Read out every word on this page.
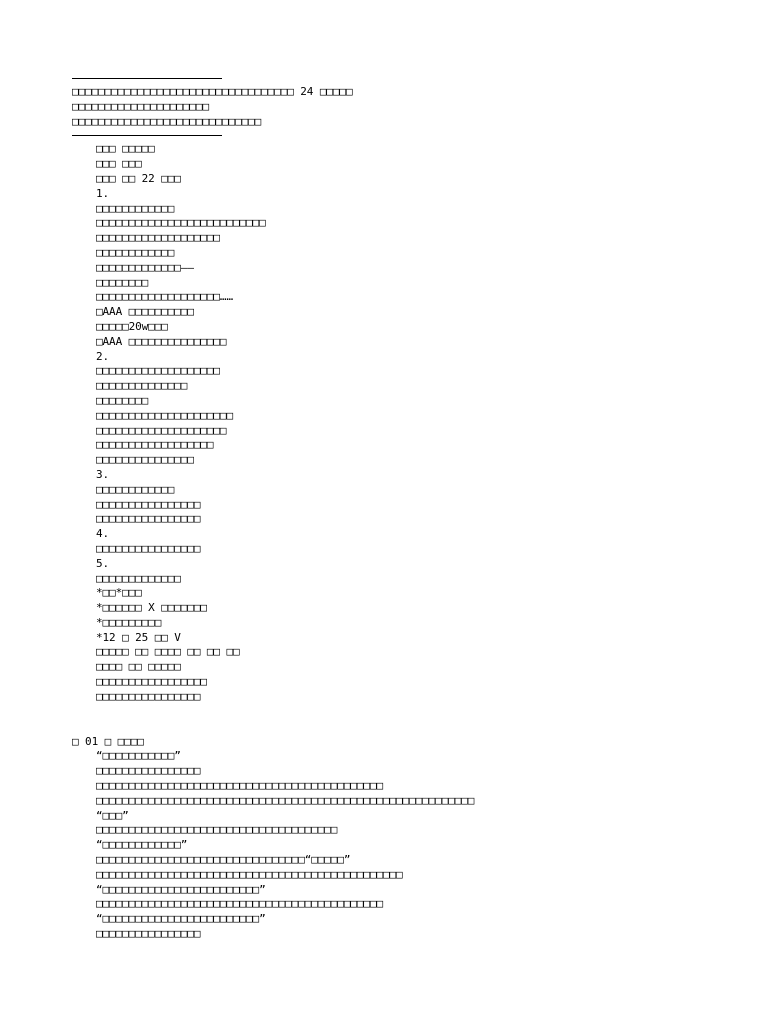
□□□□□□□□□□□□□□□□□□□□□□□□□□□□□□□□□□ 24 □□□□□
□□□□□□□□□□□□□□□□□□□□□
□□□□□□□□□□□□□□□□□□□□□□□□□□□□□
□□□ □□□□□
□□□ □□□
□□□ □□ 22 □□□
1.
□□□□□□□□□□□□
□□□□□□□□□□□□□□□□□□□□□□□□□□
□□□□□□□□□□□□□□□□□□□
□□□□□□□□□□□□
□□□□□□□□□□□□□——
□□□□□□□□
□□□□□□□□□□□□□□□□□□□……
□AAA □□□□□□□□□□
□□□□□20w□□□
□AAA □□□□□□□□□□□□□□□
2.
□□□□□□□□□□□□□□□□□□□
□□□□□□□□□□□□□□
□□□□□□□□
□□□□□□□□□□□□□□□□□□□□□
□□□□□□□□□□□□□□□□□□□□
□□□□□□□□□□□□□□□□□□
□□□□□□□□□□□□□□□
3.
□□□□□□□□□□□□
□□□□□□□□□□□□□□□□
□□□□□□□□□□□□□□□□
4.
□□□□□□□□□□□□□□□□
5.
□□□□□□□□□□□□□
*□□*□□□
*□□□□□□ X □□□□□□□
*□□□□□□□□□
*12 □ 25 □□ V
□□□□□ □□ □□□□ □□ □□ □□
□□□□ □□ □□□□□
□□□□□□□□□□□□□□□□□
□□□□□□□□□□□□□□□□
□ 01 □ □□□□
“□□□□□□□□□□□”
□□□□□□□□□□□□□□□□
□□□□□□□□□□□□□□□□□□□□□□□□□□□□□□□□□□□□□□□□□□□□
□□□□□□□□□□□□□□□□□□□□□□□□□□□□□□□□□□□□□□□□□□□□□□□□□□□□□□□□□□
“□□□”
□□□□□□□□□□□□□□□□□□□□□□□□□□□□□□□□□□□□□
“□□□□□□□□□□□□”
□□□□□□□□□□□□□□□□□□□□□□□□□□□□□□□□“□□□□□”
□□□□□□□□□□□□□□□□□□□□□□□□□□□□□□□□□□□□□□□□□□□□□□□
“□□□□□□□□□□□□□□□□□□□□□□□□”
□□□□□□□□□□□□□□□□□□□□□□□□□□□□□□□□□□□□□□□□□□□□
“□□□□□□□□□□□□□□□□□□□□□□□□”
□□□□□□□□□□□□□□□□
